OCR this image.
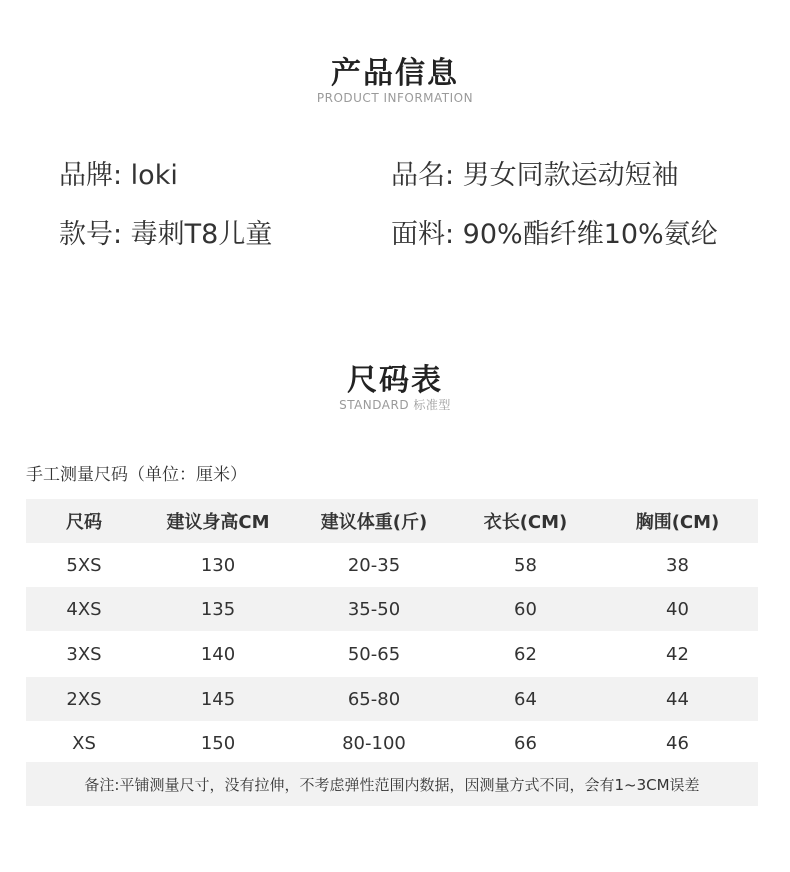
产品信息
PRODUCT INFORMATION
品牌: loki	品名: 男女同款运动短袖
款号: 毒刺T8儿童	面料: 90%酯纤维10%氨纶
尺码表
STANDARD 标准型
手工测量尺码（单位：厘米）
尺码	建议身高CM	建议体重(斤)	衣长(CM)	胸围(CM)
5XS	130	20-35	58	38
4XS	135	35-50	60	40
3XS	140	50-65	62	42
2XS	145	65-80	64	44
XS	150	80-100	66	46
备注:平铺测量尺寸，没有拉伸，不考虑弹性范围内数据，因测量方式不同，会有1~3CM误差
